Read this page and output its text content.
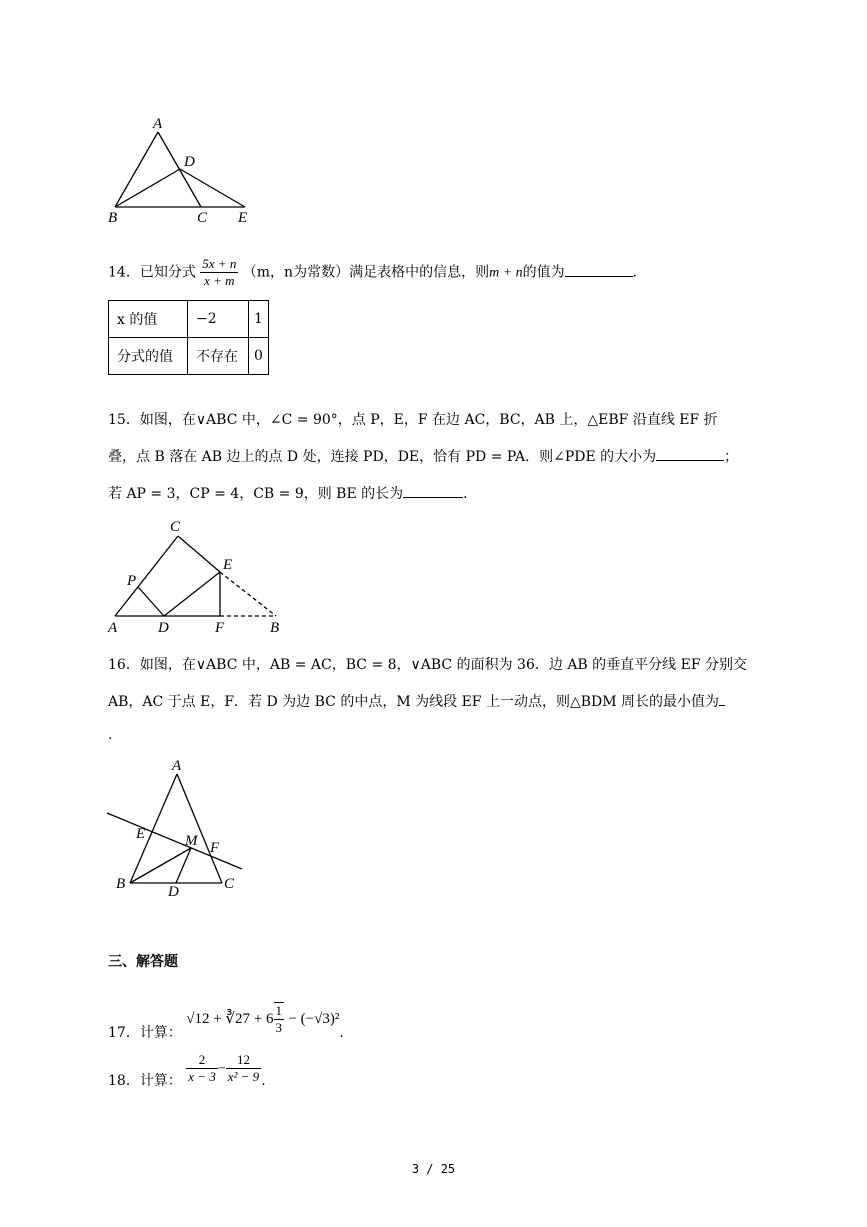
A
D
B	C E
14．已知分式 $\frac{5x + n}{x + m} (m$，n为常数）满足表格中的信息，则m + n的值为	．
x 的值	−2	1
分式的值	不存在	0
15．如图，在∨ABC 中，∠C = 90°，点 P，E，F 在边 AC，BC，AB 上，△EBF 沿直线 EF 折
叠，点 B 落在 AB 边上的点 D 处，连接 PD，DE，恰有 PD = PA．则∠PDE 的大小为	；
若 AP = 3，CP = 4，CB = 9，则 BE 的长为	．
C
E
P
A	D	F	B
16．如图，在∨ABC 中，AB = AC，BC = 8，∨ABC 的面积为 36．边 AB 的垂直平分线 EF 分别交
AB，AC 于点 E，F．若 D 为边 BC 的中点，M 为线段 EF 上一动点，则△BDM 周长的最小值为
.
A
E	M F
B	D	C
三、解答题
17．计算： √12 + ∛27 + $6 \frac{1}{3} - (-√3)^2$.
18．计算： $\frac{2}{x - 3} - \frac{12}{\text{x² − 9}}$ .
3 / 25
